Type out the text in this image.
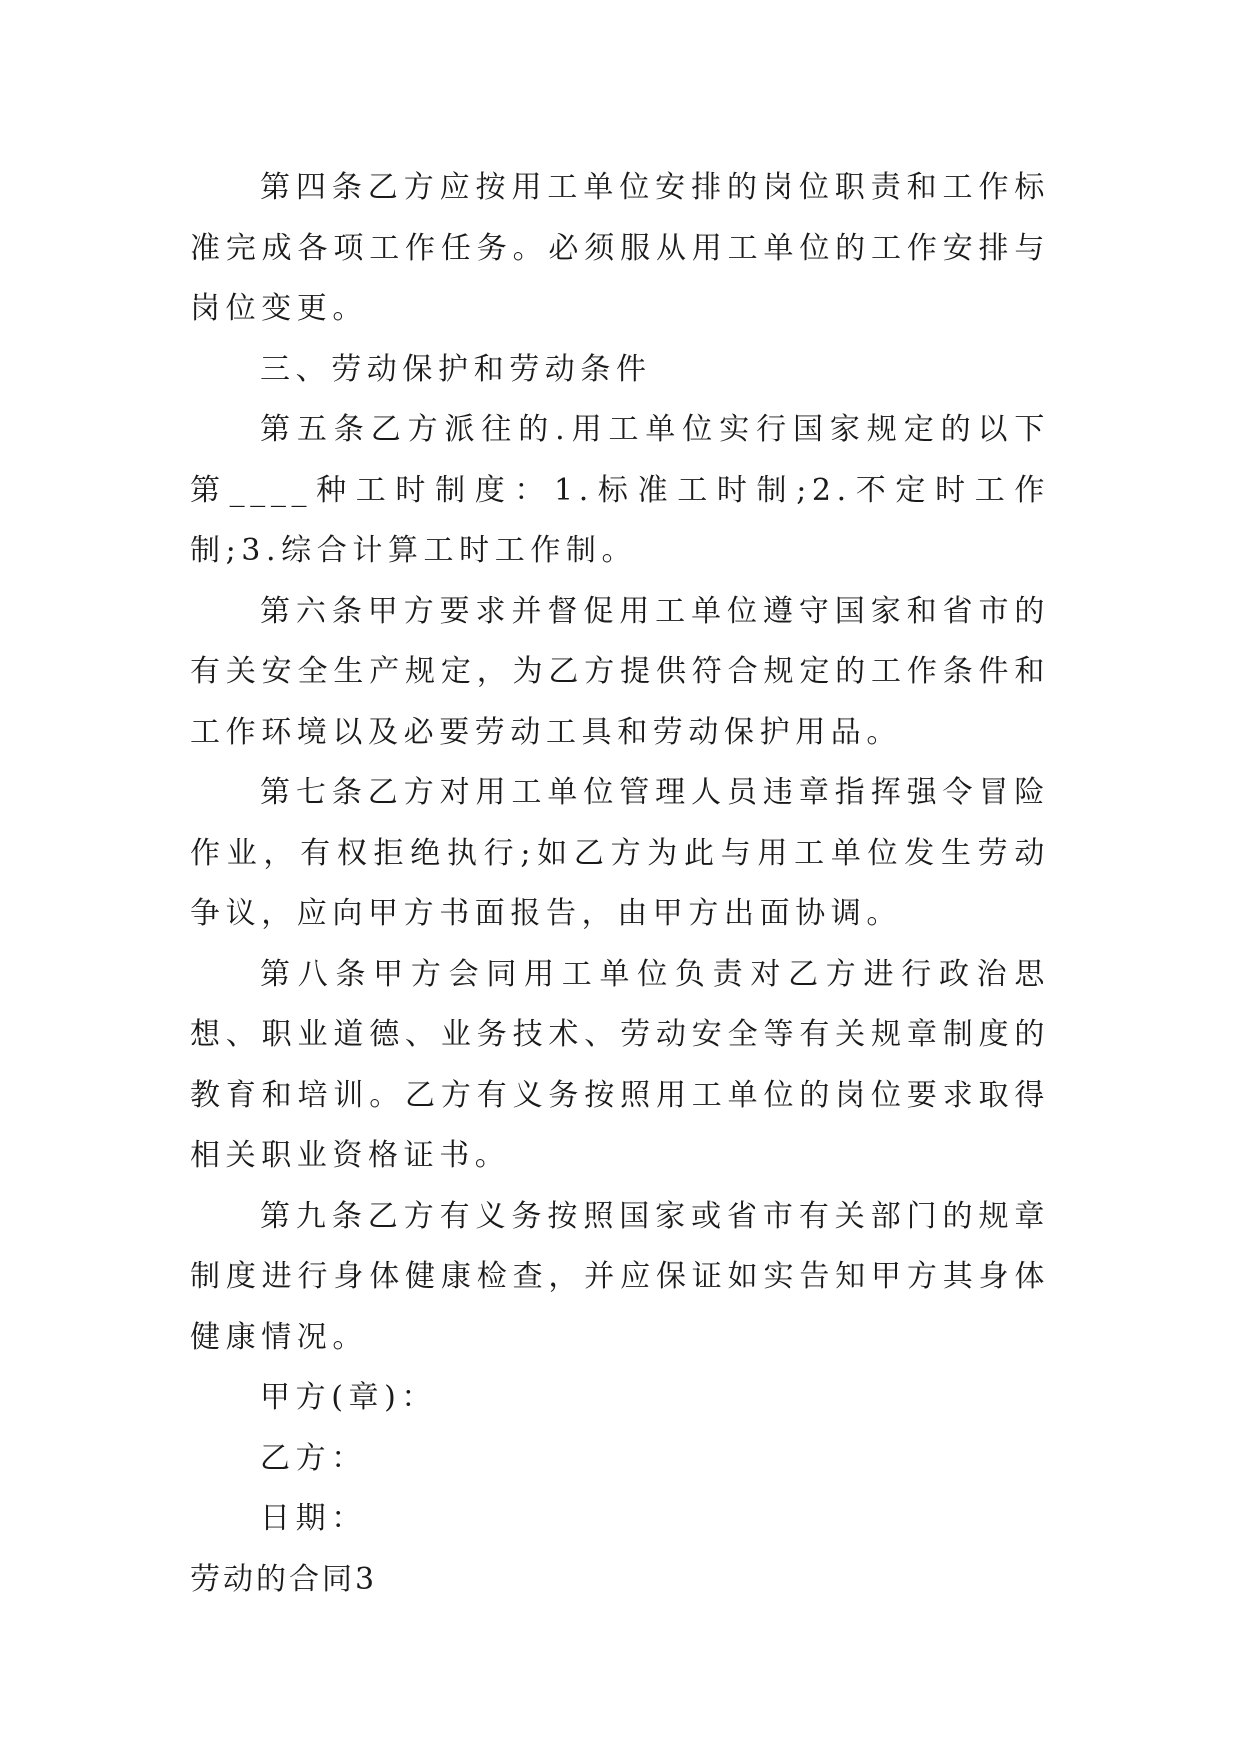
第四条乙方应按用工单位安排的岗位职责和工作标准完成各项工作任务。必须服从用工单位的工作安排与岗位变更。

三、劳动保护和劳动条件

第五条乙方派往的.用工单位实行国家规定的以下第____种工时制度：1.标准工时制;2.不定时工作制;3.综合计算工时工作制。

第六条甲方要求并督促用工单位遵守国家和省市的有关安全生产规定，为乙方提供符合规定的工作条件和工作环境以及必要劳动工具和劳动保护用品。

第七条乙方对用工单位管理人员违章指挥强令冒险作业，有权拒绝执行;如乙方为此与用工单位发生劳动争议，应向甲方书面报告，由甲方出面协调。

第八条甲方会同用工单位负责对乙方进行政治思想、职业道德、业务技术、劳动安全等有关规章制度的教育和培训。乙方有义务按照用工单位的岗位要求取得相关职业资格证书。

第九条乙方有义务按照国家或省市有关部门的规章制度进行身体健康检查，并应保证如实告知甲方其身体健康情况。

甲方(章)：

乙方：

日期：

劳动的合同3
